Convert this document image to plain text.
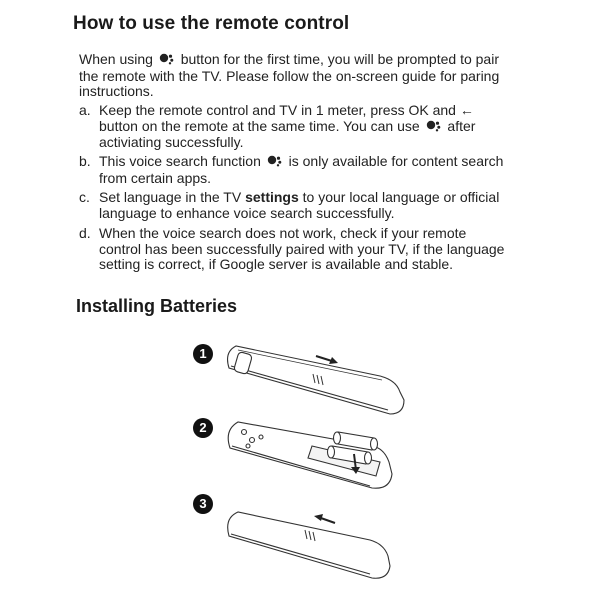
How to use the remote control
When using  button for the first time, you will be prompted to pair
the remote with the TV. Please follow the on-screen guide for paring
instructions.
a. Keep the remote control and TV in 1 meter, press OK and ←
button on the remote at the same time. You can use  after
activiating successfully.
b. This voice search function  is only available for content search
from certain apps.
c. Set language in the TV settings to your local language or official
language to enhance voice search successfully.
d. When the voice search does not work, check if your remote
control has been successfully paired with your TV, if the language
setting is correct, if Google server is available and stable.
Installing Batteries
1
2
3
